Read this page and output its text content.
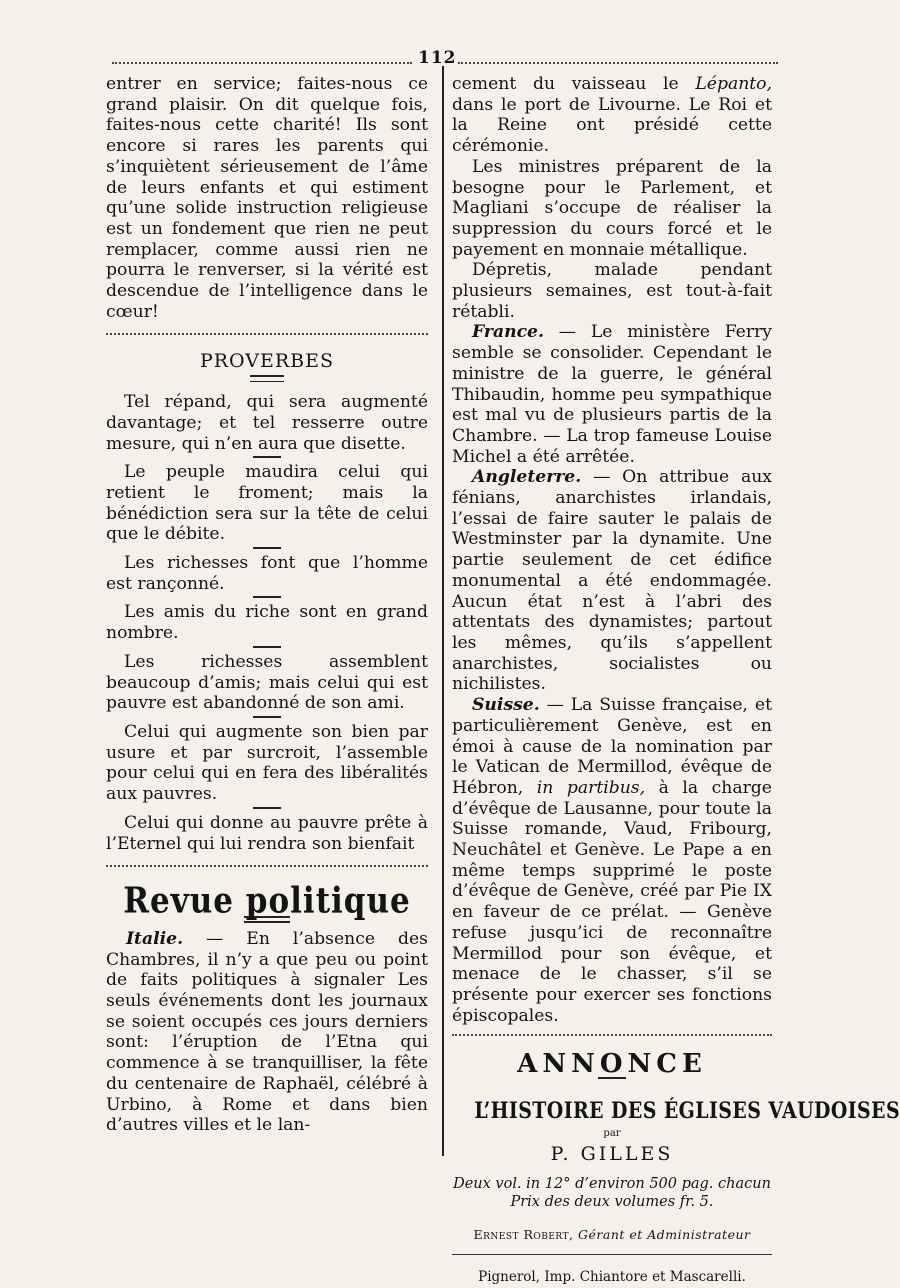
112

entrer en service; faites-nous ce grand plaisir. On dit quelque fois, faites-nous cette charité! Ils sont encore si rares les parents qui s’inquiètent sérieusement de l’âme de leurs enfants et qui estiment qu’une solide instruction religieuse est un fondement que rien ne peut remplacer, comme aussi rien ne pourra le renverser, si la vérité est descendue de l’intelligence dans le cœur!

PROVERBES

Tel répand, qui sera augmenté davantage; et tel resserre outre mesure, qui n’en aura que disette.

Le peuple maudira celui qui retient le froment; mais la bénédiction sera sur la tête de celui que le débite.

Les richesses font que l’homme est rançonné.

Les amis du riche sont en grand nombre.

Les richesses assemblent beaucoup d’amis; mais celui qui est pauvre est abandonné de son ami.

Celui qui augmente son bien par usure et par surcroit, l’assemble pour celui qui en fera des libéralités aux pauvres.

Celui qui donne au pauvre prête à l’Eternel qui lui rendra son bienfait

Revue politique

Italie. — En l’absence des Chambres, il n’y a que peu ou point de faits politiques à signaler Les seuls événements dont les journaux se soient occupés ces jours derniers sont: l’éruption de l’Etna qui commence à se tranquilliser, la fête du centenaire de Raphaël, célébré à Urbino, à Rome et dans bien d’autres villes et le lan-

cement du vaisseau le Lépanto, dans le port de Livourne. Le Roi et la Reine ont présidé cette cérémonie.

Les ministres préparent de la besogne pour le Parlement, et Magliani s’occupe de réaliser la suppression du cours forcé et le payement en monnaie métallique.

Dépretis, malade pendant plusieurs semaines, est tout-à-fait rétabli.

France. — Le ministère Ferry semble se consolider. Cependant le ministre de la guerre, le général Thibaudin, homme peu sympathique est mal vu de plusieurs partis de la Chambre. — La trop fameuse Louise Michel a été arrêtée.

Angleterre. — On attribue aux fénians, anarchistes irlandais, l’essai de faire sauter le palais de Westminster par la dynamite. Une partie seulement de cet édifice monumental a été endommagée. Aucun état n’est à l’abri des attentats des dynamistes; partout les mêmes, qu’ils s’appellent anarchistes, socialistes ou nichilistes.

Suisse. — La Suisse française, et particulièrement Genève, est en émoi à cause de la nomination par le Vatican de Mermillod, évêque de Hébron, in partibus, à la charge d’évêque de Lausanne, pour toute la Suisse romande, Vaud, Fribourg, Neuchâtel et Genève. Le Pape a en même temps supprimé le poste d’évêque de Genève, créé par Pie IX en faveur de ce prélat. — Genève refuse jusqu’ici de reconnaître Mermillod pour son évêque, et menace de le chasser, s’il se présente pour exercer ses fonctions épiscopales.

ANNONCE
L’HISTOIRE DES ÉGLISES VAUDOISES
par
P. GILLES
Deux vol. in 12° d’environ 500 pag. chacun
Prix des deux volumes fr. 5.
Ernest Robert, Gérant et Administrateur
Pignerol, Imp. Chiantore et Mascarelli.
